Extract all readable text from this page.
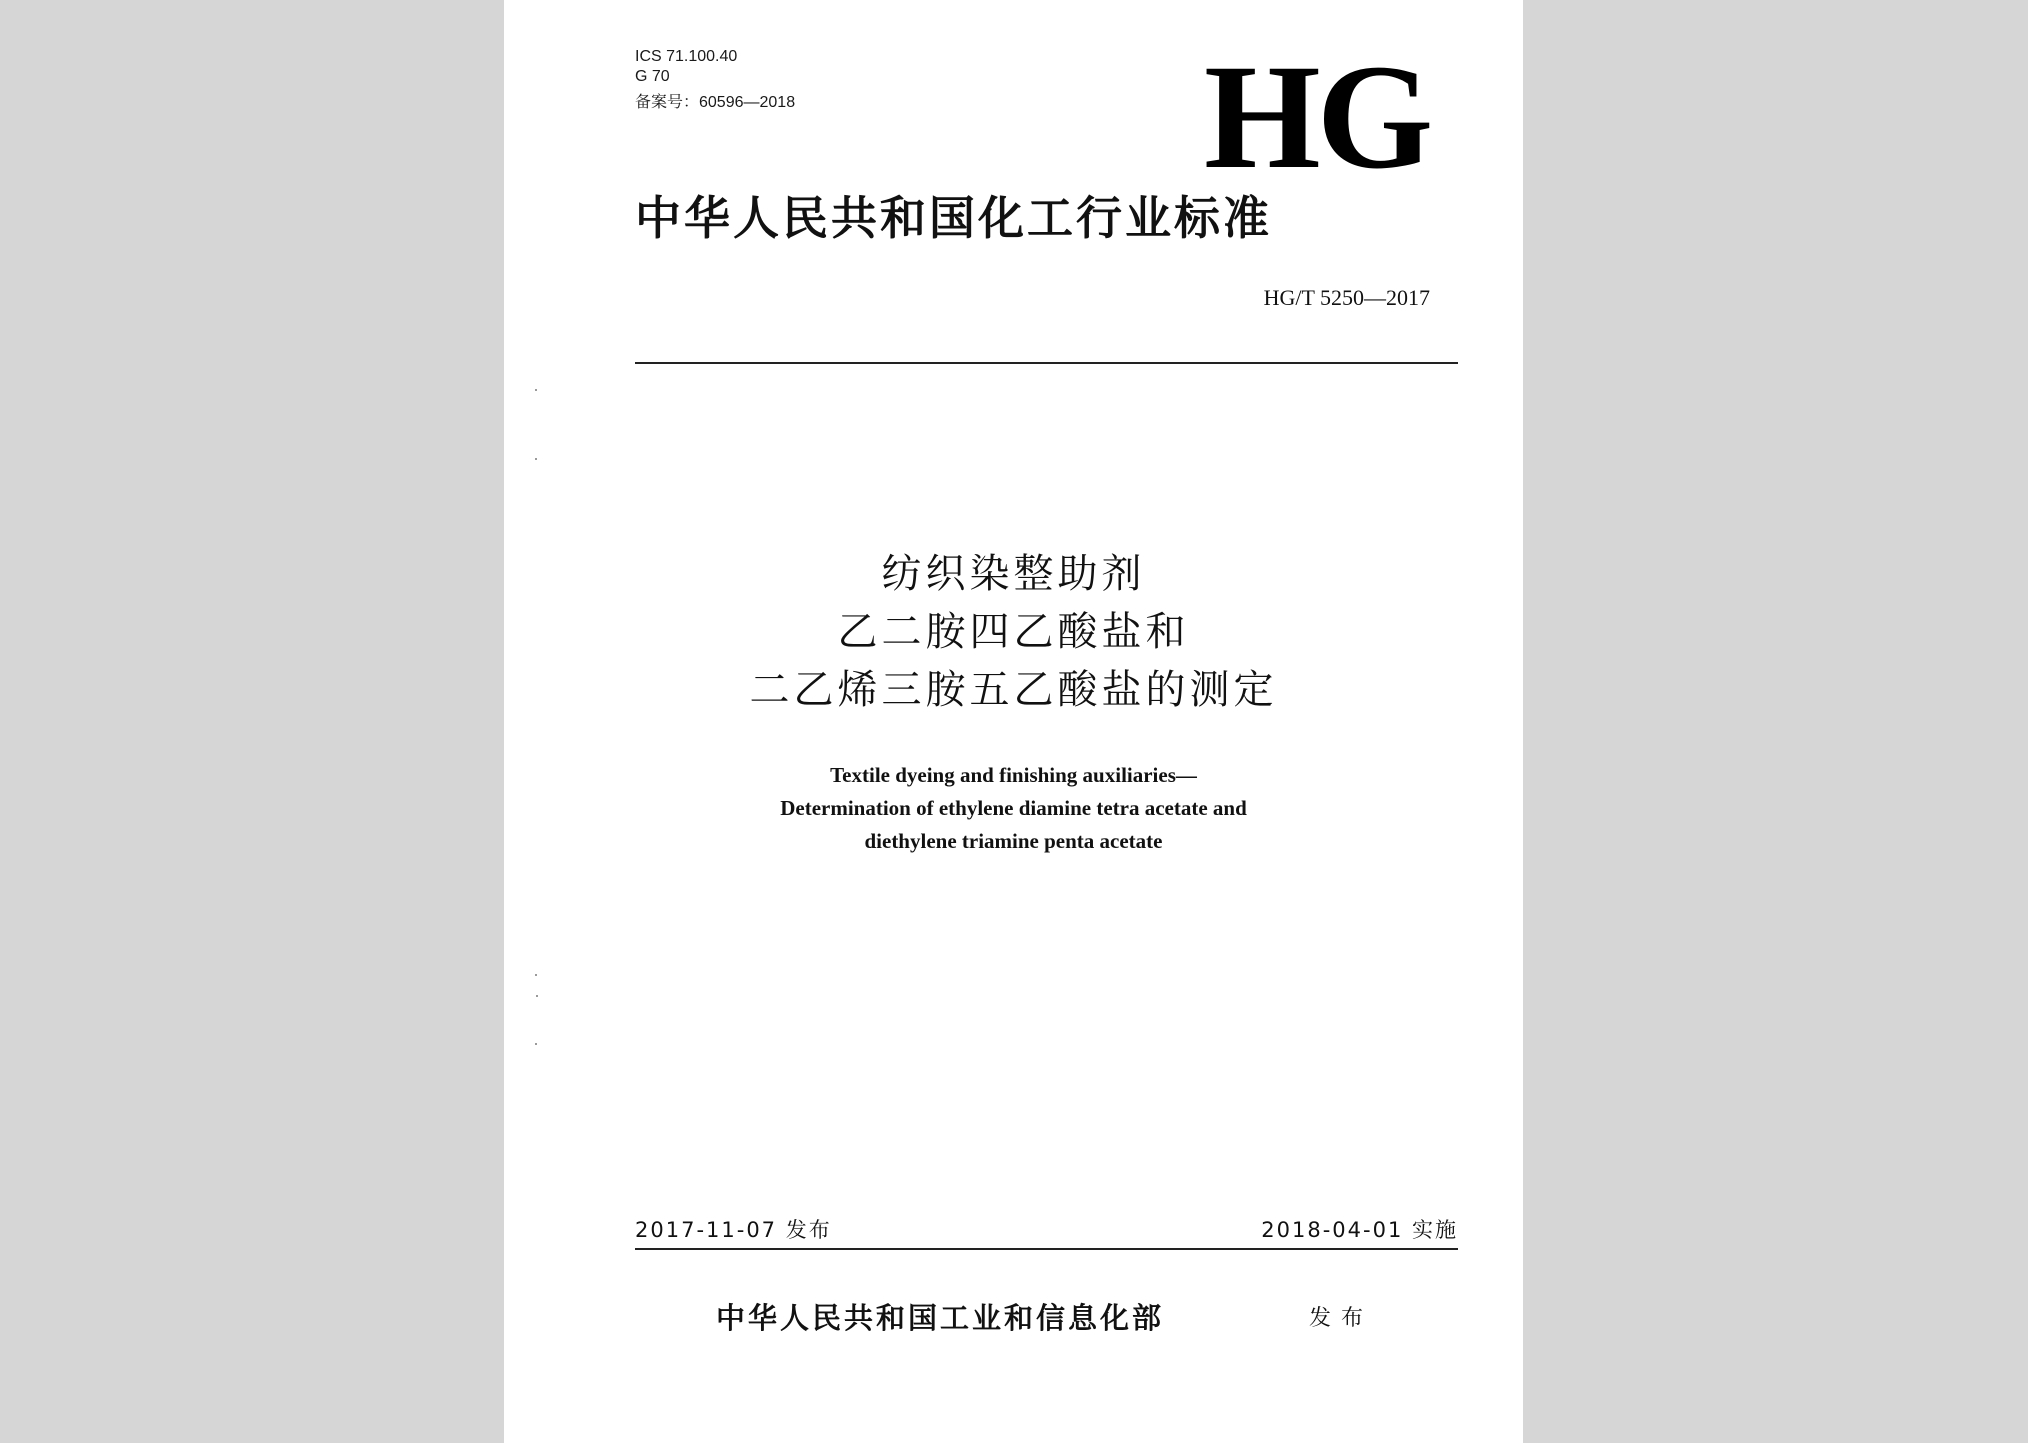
ICS 71.100.40
G 70
备案号：60596—2018	HG
中华人民共和国化工行业标准
HG/T 5250—2017
纺织染整助剂
乙二胺四乙酸盐和
二乙烯三胺五乙酸盐的测定
Textile dyeing and finishing auxiliaries—
Determination of ethylene diamine tetra acetate and
diethylene triamine penta acetate
2017-11-07 发布	2018-04-01 实施
中华人民共和国工业和信息化部	发布
